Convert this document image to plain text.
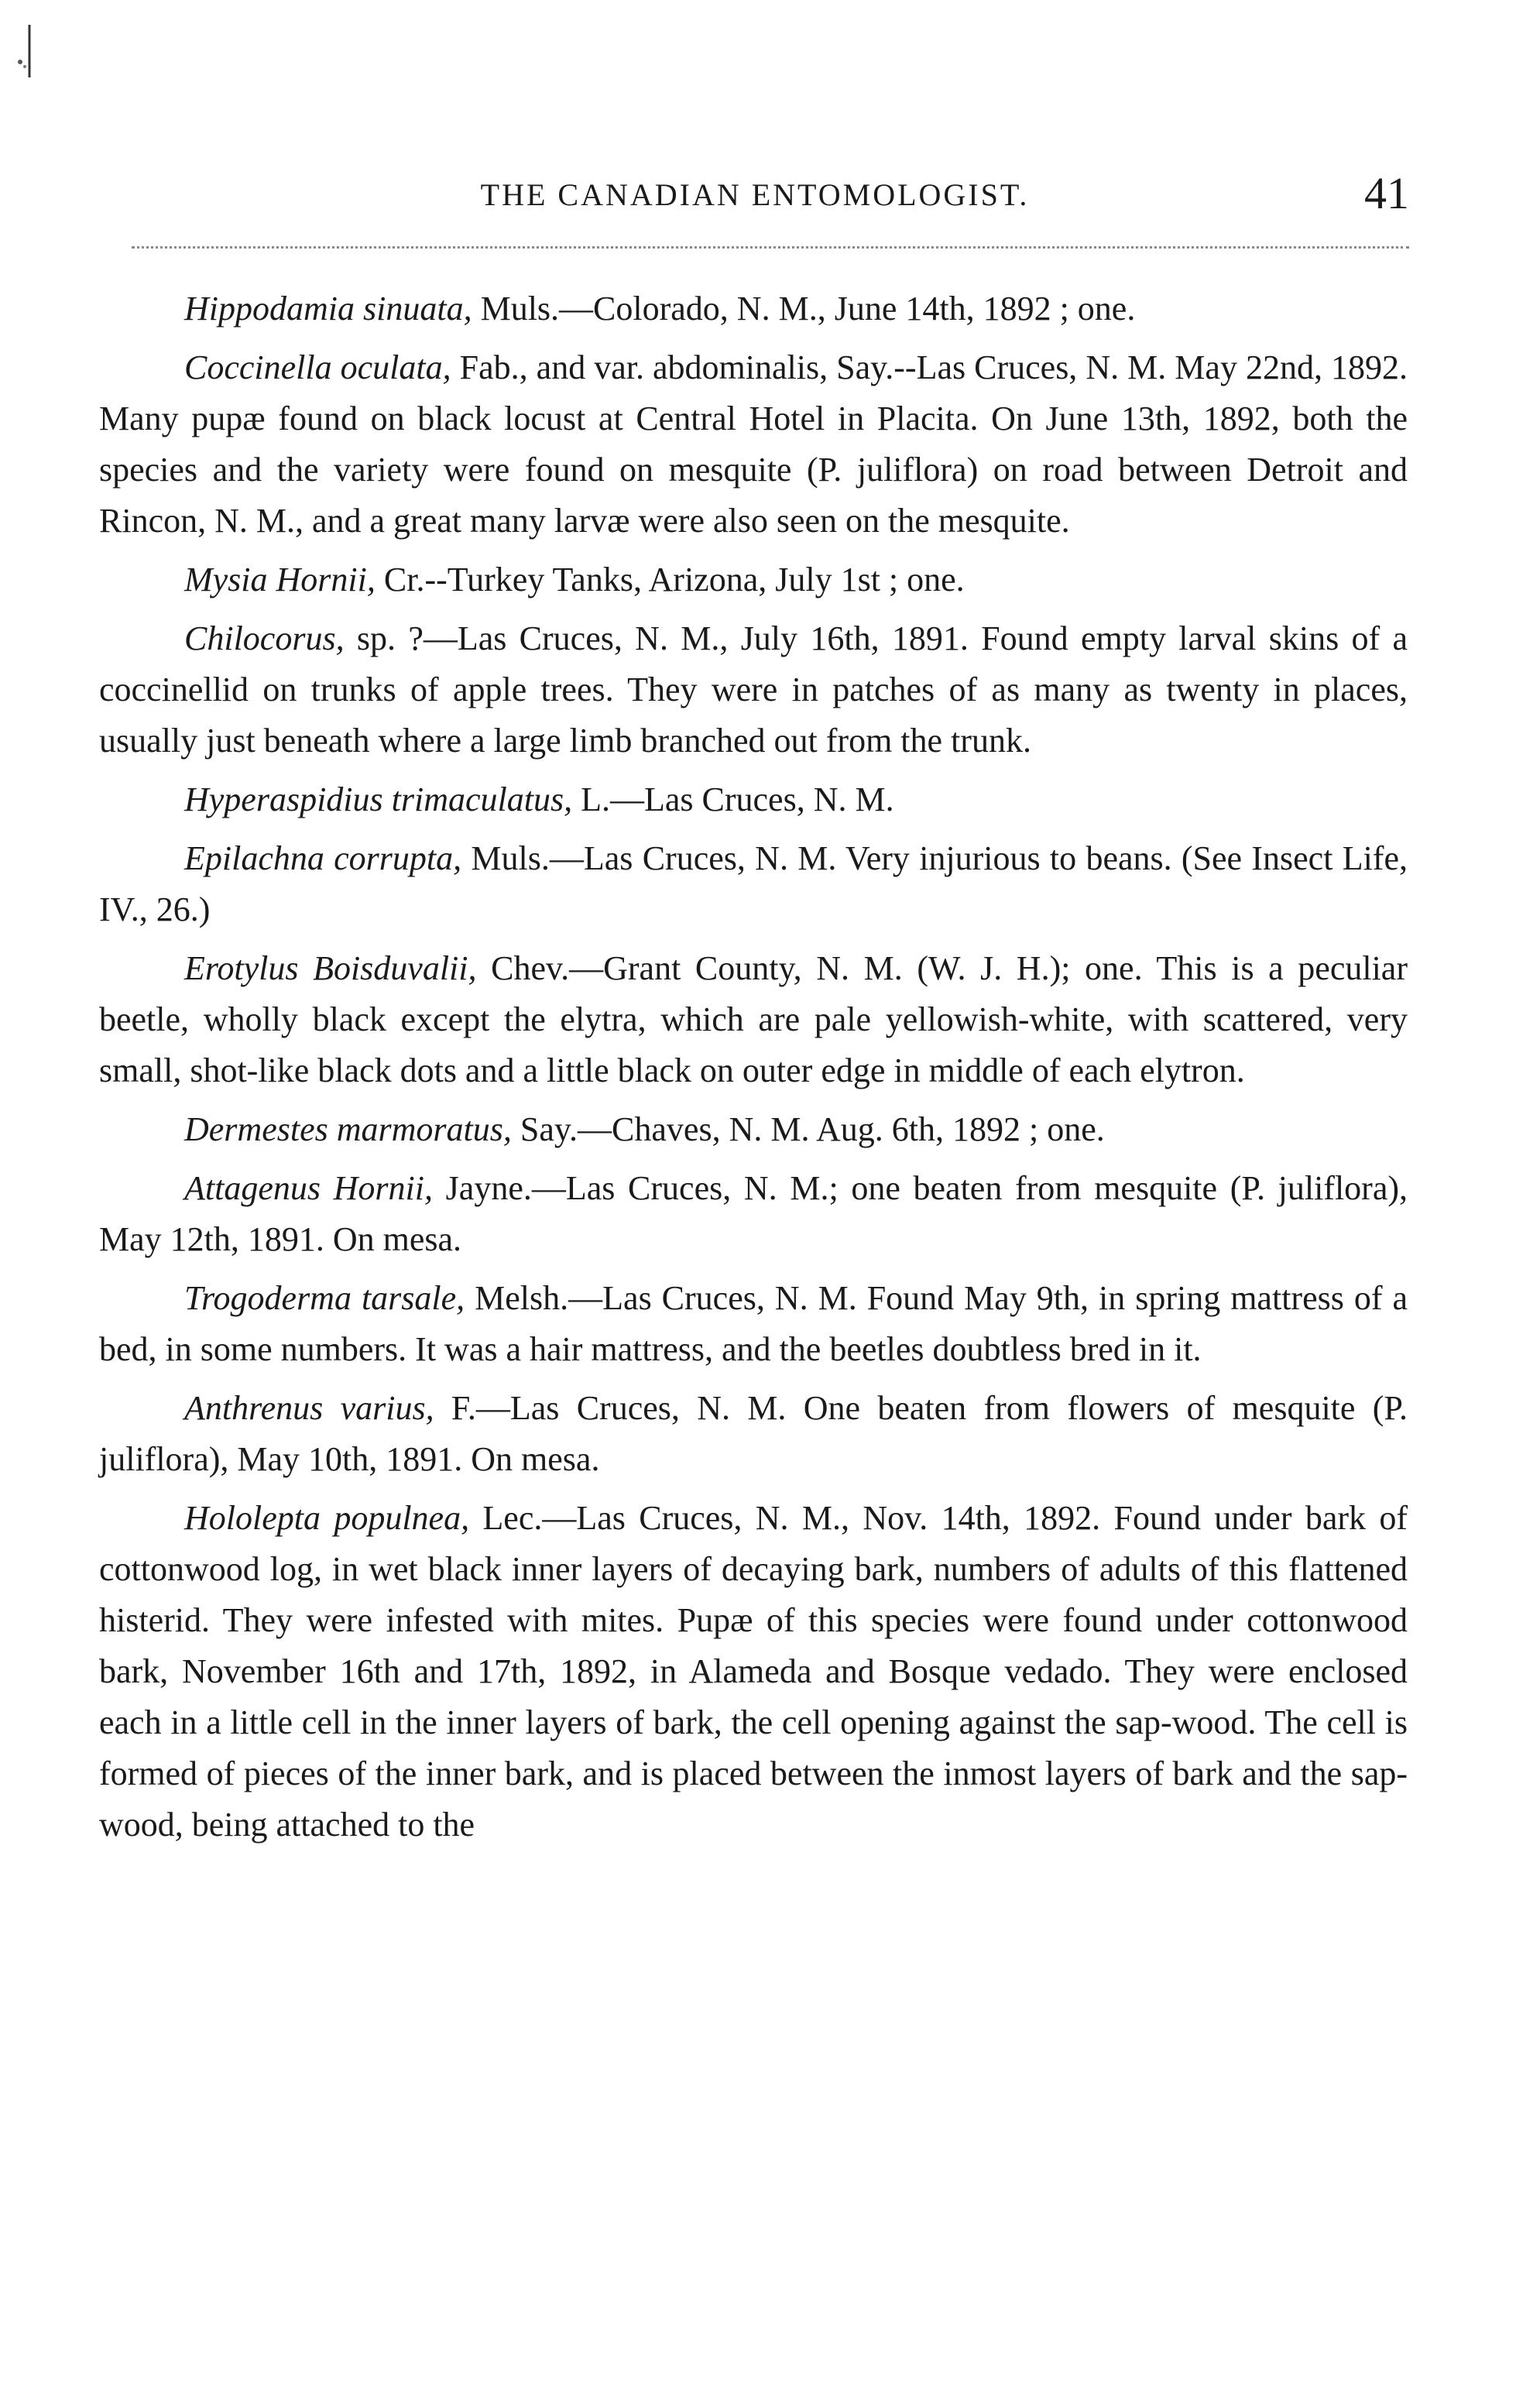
THE CANADIAN ENTOMOLOGIST.	41

Hippodamia sinuata, Muls.—Colorado, N. M., June 14th, 1892 ; one.

Coccinella oculata, Fab., and var. abdominalis, Say.--Las Cruces, N. M. May 22nd, 1892. Many pupæ found on black locust at Central Hotel in Placita. On June 13th, 1892, both the species and the variety were found on mesquite (P. juliflora) on road between Detroit and Rincon, N. M., and a great many larvæ were also seen on the mesquite.

Mysia Hornii, Cr.--Turkey Tanks, Arizona, July 1st ; one.

Chilocorus, sp. ?—Las Cruces, N. M., July 16th, 1891. Found empty larval skins of a coccinellid on trunks of apple trees. They were in patches of as many as twenty in places, usually just beneath where a large limb branched out from the trunk.

Hyperaspidius trimaculatus, L.—Las Cruces, N. M.

Epilachna corrupta, Muls.—Las Cruces, N. M. Very injurious to beans. (See Insect Life, IV., 26.)

Erotylus Boisduvalii, Chev.—Grant County, N. M. (W. J. H.); one. This is a peculiar beetle, wholly black except the elytra, which are pale yellowish-white, with scattered, very small, shot-like black dots and a little black on outer edge in middle of each elytron.

Dermestes marmoratus, Say.—Chaves, N. M. Aug. 6th, 1892 ; one.

Attagenus Hornii, Jayne.—Las Cruces, N. M.; one beaten from mesquite (P. juliflora), May 12th, 1891. On mesa.

Trogoderma tarsale, Melsh.—Las Cruces, N. M. Found May 9th, in spring mattress of a bed, in some numbers. It was a hair mattress, and the beetles doubtless bred in it.

Anthrenus varius, F.—Las Cruces, N. M. One beaten from flowers of mesquite (P. juliflora), May 10th, 1891. On mesa.

Hololepta populnea, Lec.—Las Cruces, N. M., Nov. 14th, 1892. Found under bark of cottonwood log, in wet black inner layers of decaying bark, numbers of adults of this flattened histerid. They were infested with mites. Pupæ of this species were found under cottonwood bark, November 16th and 17th, 1892, in Alameda and Bosque vedado. They were enclosed each in a little cell in the inner layers of bark, the cell opening against the sap-wood. The cell is formed of pieces of the inner bark, and is placed between the inmost layers of bark and the sap-wood, being attached to the
